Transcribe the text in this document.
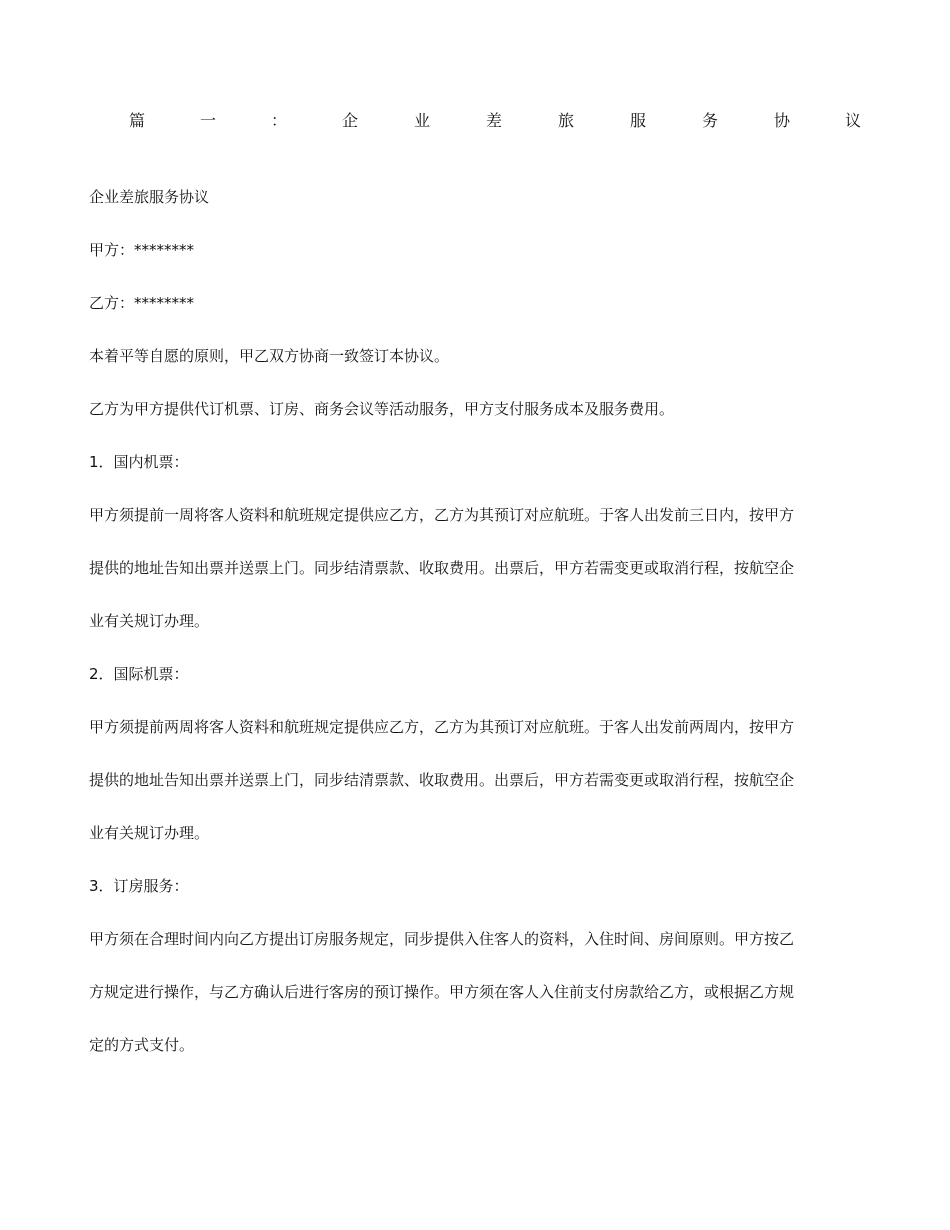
篇	一	：	企	业	差	旅	服	务	协	议
企业差旅服务协议
甲方：********
乙方：********
本着平等自愿的原则，甲乙双方协商一致签订本协议。
乙方为甲方提供代订机票、订房、商务会议等活动服务，甲方支付服务成本及服务费用。
1．国内机票：
甲方须提前一周将客人资料和航班规定提供应乙方，乙方为其预订对应航班。于客人出发前三日内，按甲方
提供的地址告知出票并送票上门。同步结清票款、收取费用。出票后，甲方若需变更或取消行程，按航空企
业有关规订办理。
2．国际机票：
甲方须提前两周将客人资料和航班规定提供应乙方，乙方为其预订对应航班。于客人出发前两周内，按甲方
提供的地址告知出票并送票上门，同步结清票款、收取费用。出票后，甲方若需变更或取消行程，按航空企
业有关规订办理。
3．订房服务：
甲方须在合理时间内向乙方提出订房服务规定，同步提供入住客人的资料，入住时间、房间原则。甲方按乙
方规定进行操作，与乙方确认后进行客房的预订操作。甲方须在客人入住前支付房款给乙方，或根据乙方规
定的方式支付。
